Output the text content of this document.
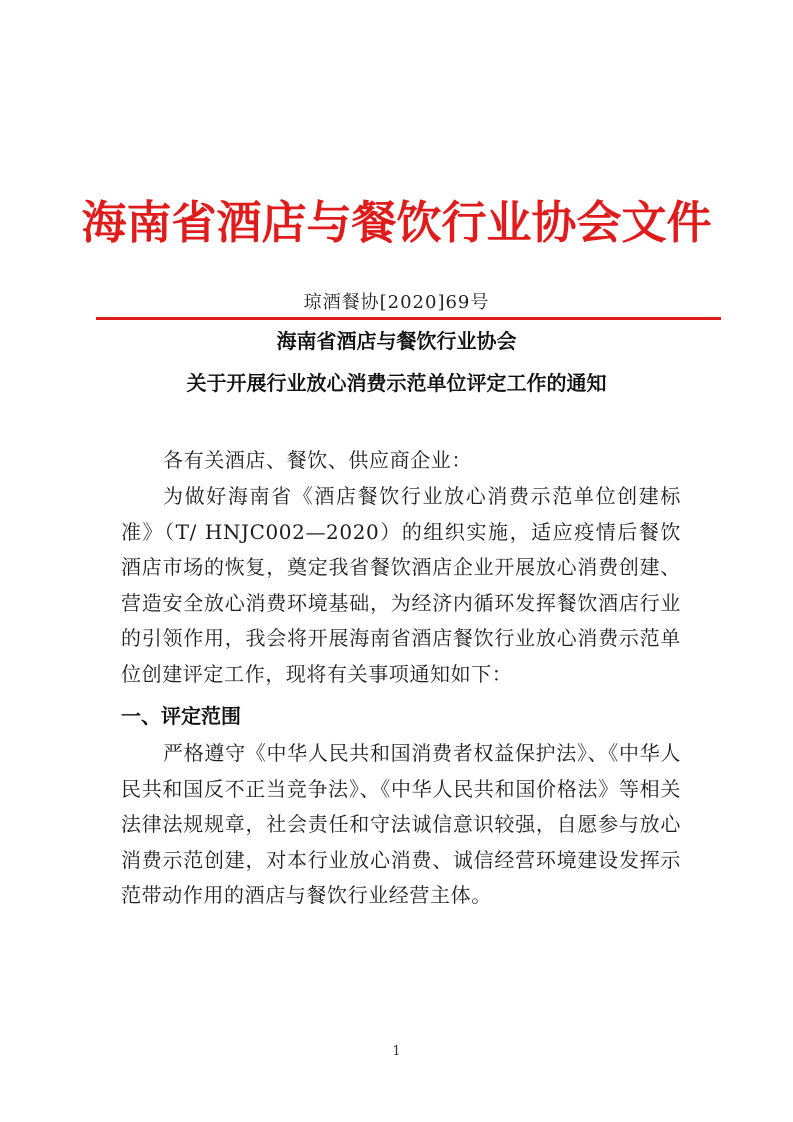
海南省酒店与餐饮行业协会文件
琼酒餐协[2020]69号
海南省酒店与餐饮行业协会
关于开展行业放心消费示范单位评定工作的通知
各有关酒店、餐饮、供应商企业：
为做好海南省《酒店餐饮行业放心消费示范单位创建标准》（T/ HNJC002—2020）的组织实施，适应疫情后餐饮酒店市场的恢复，奠定我省餐饮酒店企业开展放心消费创建、营造安全放心消费环境基础，为经济内循环发挥餐饮酒店行业的引领作用，我会将开展海南省酒店餐饮行业放心消费示范单位创建评定工作，现将有关事项通知如下：
一、评定范围
严格遵守《中华人民共和国消费者权益保护法》、《中华人民共和国反不正当竞争法》、《中华人民共和国价格法》等相关法律法规规章，社会责任和守法诚信意识较强，自愿参与放心消费示范创建，对本行业放心消费、诚信经营环境建设发挥示范带动作用的酒店与餐饮行业经营主体。
1
